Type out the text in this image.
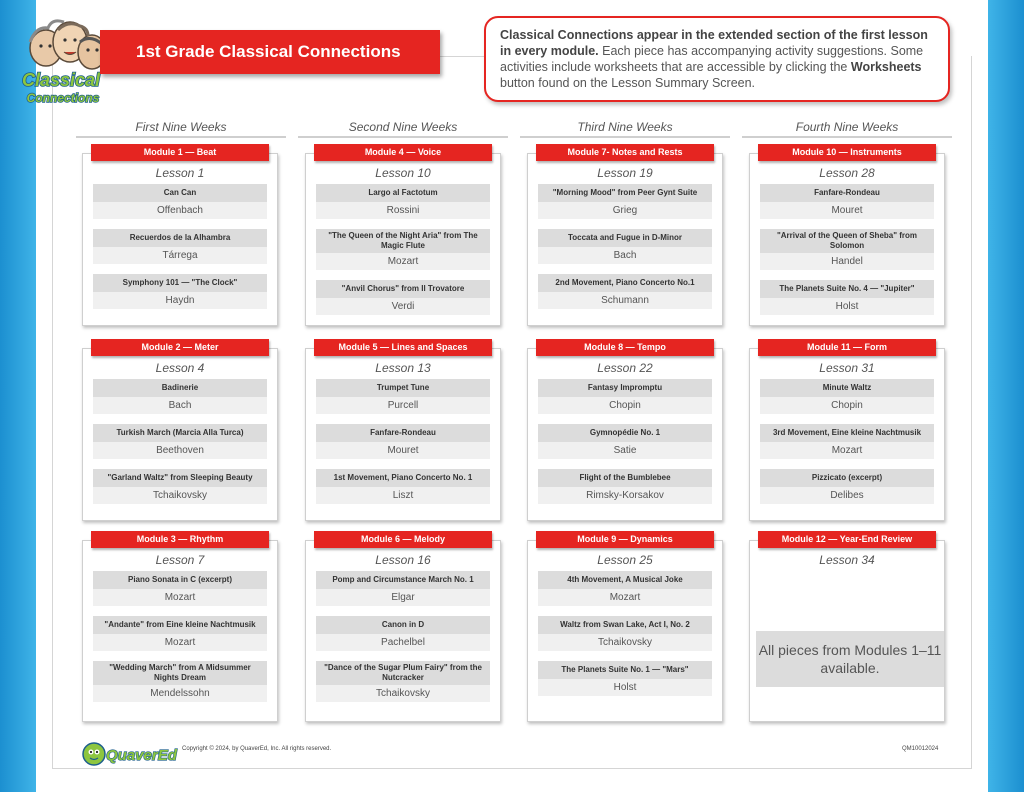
Classical
Connections
1st Grade Classical Connections
Classical Connections appear in the extended section of the first lesson in every module. Each piece has accompanying activity suggestions. Some activities include worksheets that are accessible by clicking the Worksheets button found on the Lesson Summary Screen.
First Nine Weeks	Second Nine Weeks	Third Nine Weeks	Fourth Nine Weeks
Module 1 — Beat
Lesson 1
Can Can
Offenbach
Recuerdos de la Alhambra
Tárrega
Symphony 101 — "The Clock"
Haydn
Module 4 — Voice
Lesson 10
Largo al Factotum
Rossini
"The Queen of the Night Aria" from The Magic Flute
Mozart
"Anvil Chorus" from Il Trovatore
Verdi
Module 7- Notes and Rests
Lesson 19
"Morning Mood" from Peer Gynt Suite
Grieg
Toccata and Fugue in D-Minor
Bach
2nd Movement, Piano Concerto No.1
Schumann
Module 10 — Instruments
Lesson 28
Fanfare-Rondeau
Mouret
"Arrival of the Queen of Sheba" from Solomon
Handel
The Planets Suite No. 4 — "Jupiter"
Holst
Module 2 — Meter
Lesson 4
Badinerie
Bach
Turkish March (Marcia Alla Turca)
Beethoven
"Garland Waltz" from Sleeping Beauty
Tchaikovsky
Module 5 — Lines and Spaces
Lesson 13
Trumpet Tune
Purcell
Fanfare-Rondeau
Mouret
1st Movement, Piano Concerto No. 1
Liszt
Module 8 — Tempo
Lesson 22
Fantasy Impromptu
Chopin
Gymnopédie No. 1
Satie
Flight of the Bumblebee
Rimsky-Korsakov
Module 11 — Form
Lesson 31
Minute Waltz
Chopin
3rd Movement, Eine kleine Nachtmusik
Mozart
Pizzicato (excerpt)
Delibes
Module 3 — Rhythm
Lesson 7
Piano Sonata in C (excerpt)
Mozart
"Andante" from Eine kleine Nachtmusik
Mozart
"Wedding March" from A Midsummer Nights Dream
Mendelssohn
Module 6 — Melody
Lesson 16
Pomp and Circumstance March No. 1
Elgar
Canon in D
Pachelbel
"Dance of the Sugar Plum Fairy" from the Nutcracker
Tchaikovsky
Module 9 — Dynamics
Lesson 25
4th Movement, A Musical Joke
Mozart
Waltz from Swan Lake, Act I, No. 2
Tchaikovsky
The Planets Suite No. 1 — "Mars"
Holst
Module 12 — Year-End Review
Lesson 34
All pieces from Modules 1–11 available.
QuaverEd Copyright © 2024, by QuaverEd, Inc. All rights reserved.	QM10012024
